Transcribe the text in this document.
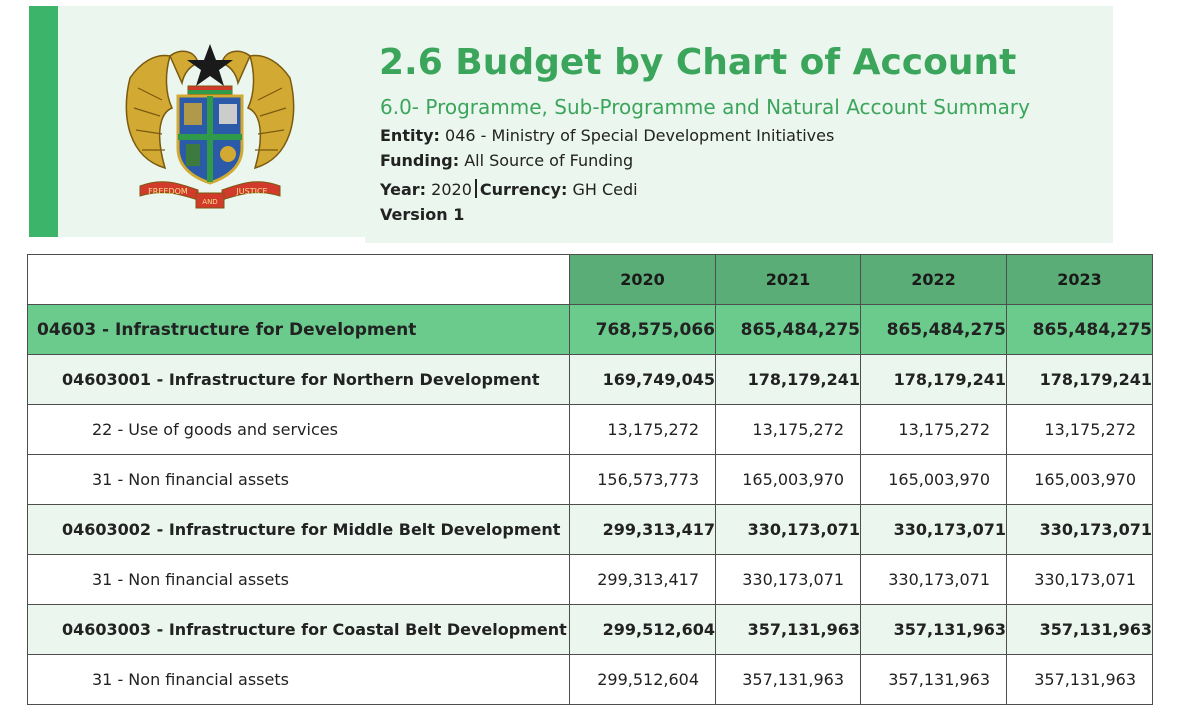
FREEDOM
AND
JUSTICE
2.6 Budget by Chart of Account
6.0- Programme, Sub-Programme and Natural Account Summary
Entity: 046 - Ministry of Special Development Initiatives
Funding: All Source of Funding
Year: 2020 Currency: GH Cedi
Version 1
	2020	2021	2022	2023
04603 - Infrastructure for Development	768,575,066	865,484,275	865,484,275	865,484,275
04603001 - Infrastructure for Northern Development	169,749,045	178,179,241	178,179,241	178,179,241
22 - Use of goods and services	13,175,272	13,175,272	13,175,272	13,175,272
31 - Non financial assets	156,573,773	165,003,970	165,003,970	165,003,970
04603002 - Infrastructure for Middle Belt Development	299,313,417	330,173,071	330,173,071	330,173,071
31 - Non financial assets	299,313,417	330,173,071	330,173,071	330,173,071
04603003 - Infrastructure for Coastal Belt Development	299,512,604	357,131,963	357,131,963	357,131,963
31 - Non financial assets	299,512,604	357,131,963	357,131,963	357,131,963
